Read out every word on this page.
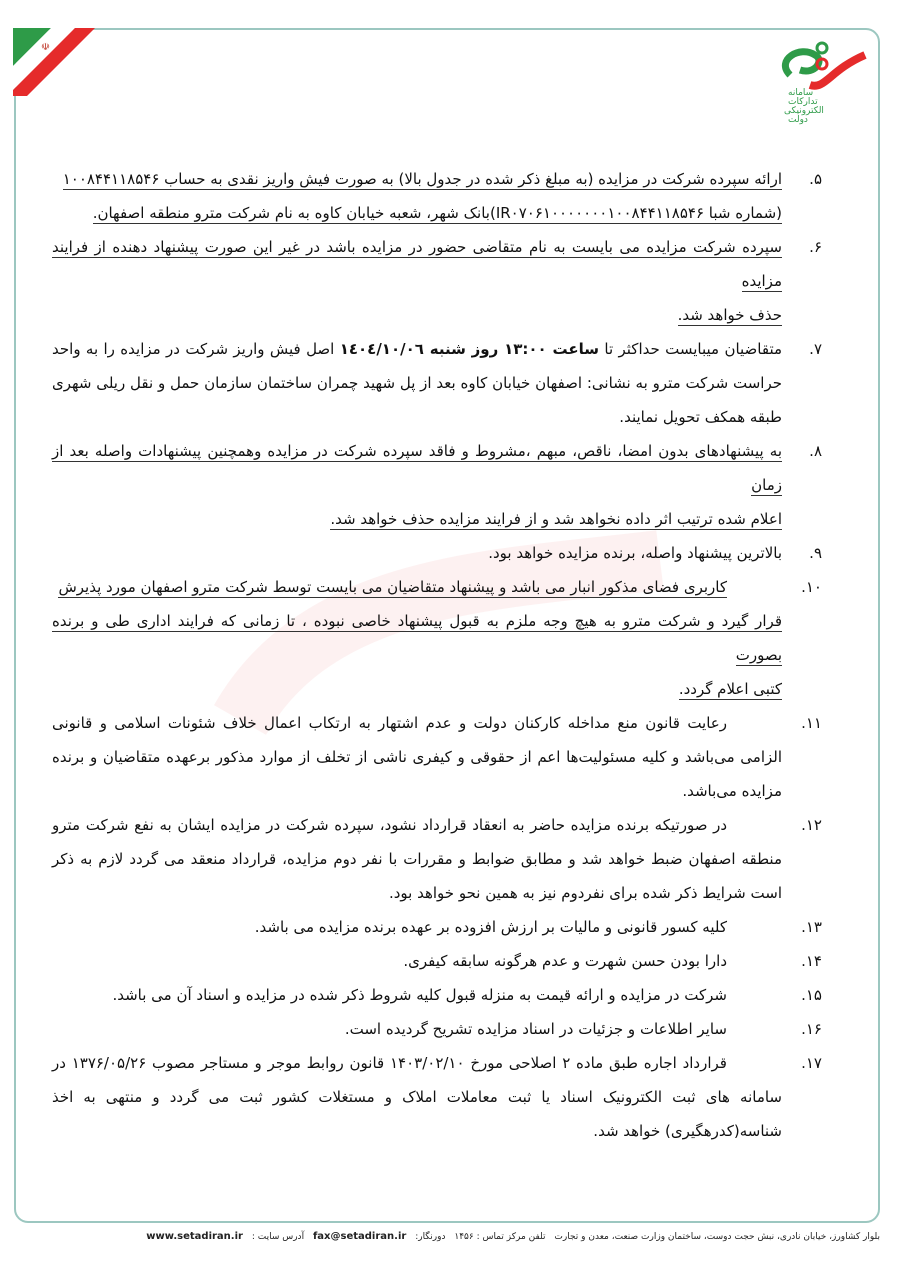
☫
سامانه
تدارکات
الکترونیکی
دولت
۵.
ارائه سپرده شرکت در مزایده (به مبلغ ذکر شده در جدول بالا) به صورت فیش واریز نقدی به حساب ۱۰۰۸۴۴۱۱۸۵۴۶
(شماره شبا IR۰۷۰۶۱۰۰۰۰۰۰۰۱۰۰۸۴۴۱۱۸۵۴۶)بانک شهر، شعبه خیابان کاوه به نام شرکت مترو منطقه اصفهان.
۶.
سپرده شرکت مزایده می بایست به نام متقاضی حضور در مزایده باشد در غیر این صورت پیشنهاد دهنده از فرایند مزایده
حذف خواهد شد.
۷.
متقاضیان میبایست حداکثر تا ساعت ۱۳:۰۰ روز شنبه ١٤٠٤/١٠/٠٦ اصل فیش واریز شرکت در مزایده را به واحد حراست شرکت مترو به نشانی: اصفهان خیابان کاوه بعد از پل شهید چمران ساختمان سازمان حمل و نقل ریلی شهری طبقه همکف تحویل نمایند.
۸.
به پیشنهادهای بدون امضا، ناقص، مبهم ،مشروط و فاقد سپرده شرکت در مزایده وهمچنین پیشنهادات واصله بعد از زمان
اعلام شده ترتیب اثر داده نخواهد شد و از فرایند مزایده حذف خواهد شد.
۹.
بالاترین پیشنهاد واصله، برنده مزایده خواهد بود.
۱۰.
کاربری فضای مذکور انبار می باشد و پیشنهاد متقاضیان می بایست توسط شرکت مترو اصفهان مورد پذیرش
قرار گیرد و شرکت مترو به هیچ وجه ملزم به قبول پیشنهاد خاصی نبوده ، تا زمانی که فرایند اداری طی و برنده بصورت
کتبی اعلام گردد.
۱۱.
رعایت قانون منع مداخله کارکنان دولت و عدم اشتهار به ارتکاب اعمال خلاف شئونات اسلامی و قانونی الزامی می‌باشد و کلیه مسئولیت‌ها اعم از حقوقی و کیفری ناشی از تخلف از موارد مذکور برعهده متقاضیان و برنده مزایده می‌باشد.
۱۲.
در صورتیکه برنده مزایده حاضر به انعقاد قرارداد نشود، سپرده شرکت در مزایده ایشان به نفع شرکت مترو منطقه اصفهان ضبط خواهد شد و مطابق ضوابط و مقررات با نفر دوم مزایده، قرارداد منعقد می گردد لازم به ذکر است شرایط ذکر شده برای نفردوم نیز به همین نحو خواهد بود.
۱۳.
کلیه کسور قانونی و مالیات بر ارزش افزوده بر عهده برنده مزایده می باشد.
۱۴.
دارا بودن حسن شهرت و عدم هرگونه سابقه کیفری.
۱۵.
شرکت در مزایده و ارائه قیمت به منزله قبول کلیه شروط ذکر شده در مزایده و اسناد آن می باشد.
۱۶.
سایر اطلاعات و جزئیات در اسناد مزایده تشریح گردیده است.
۱۷.
قرارداد اجاره طبق ماده ۲ اصلاحی مورخ ۱۴۰۳/۰۲/۱۰ قانون روابط موجر و مستاجر مصوب ۱۳۷۶/۰۵/۲۶ در سامانه های ثبت الکترونیک اسناد یا ثبت معاملات املاک و مستغلات کشور ثبت می گردد و منتهی به اخذ شناسه(کدرهگیری) خواهد شد.
بلوار کشاورز، خیابان نادری، نبش حجت دوست، ساختمان وزارت صنعت، معدن و تجارت تلفن مرکز تماس : ۱۴۵۶ دورنگار: fax@setadiran.ir آدرس سایت : www.setadiran.ir
